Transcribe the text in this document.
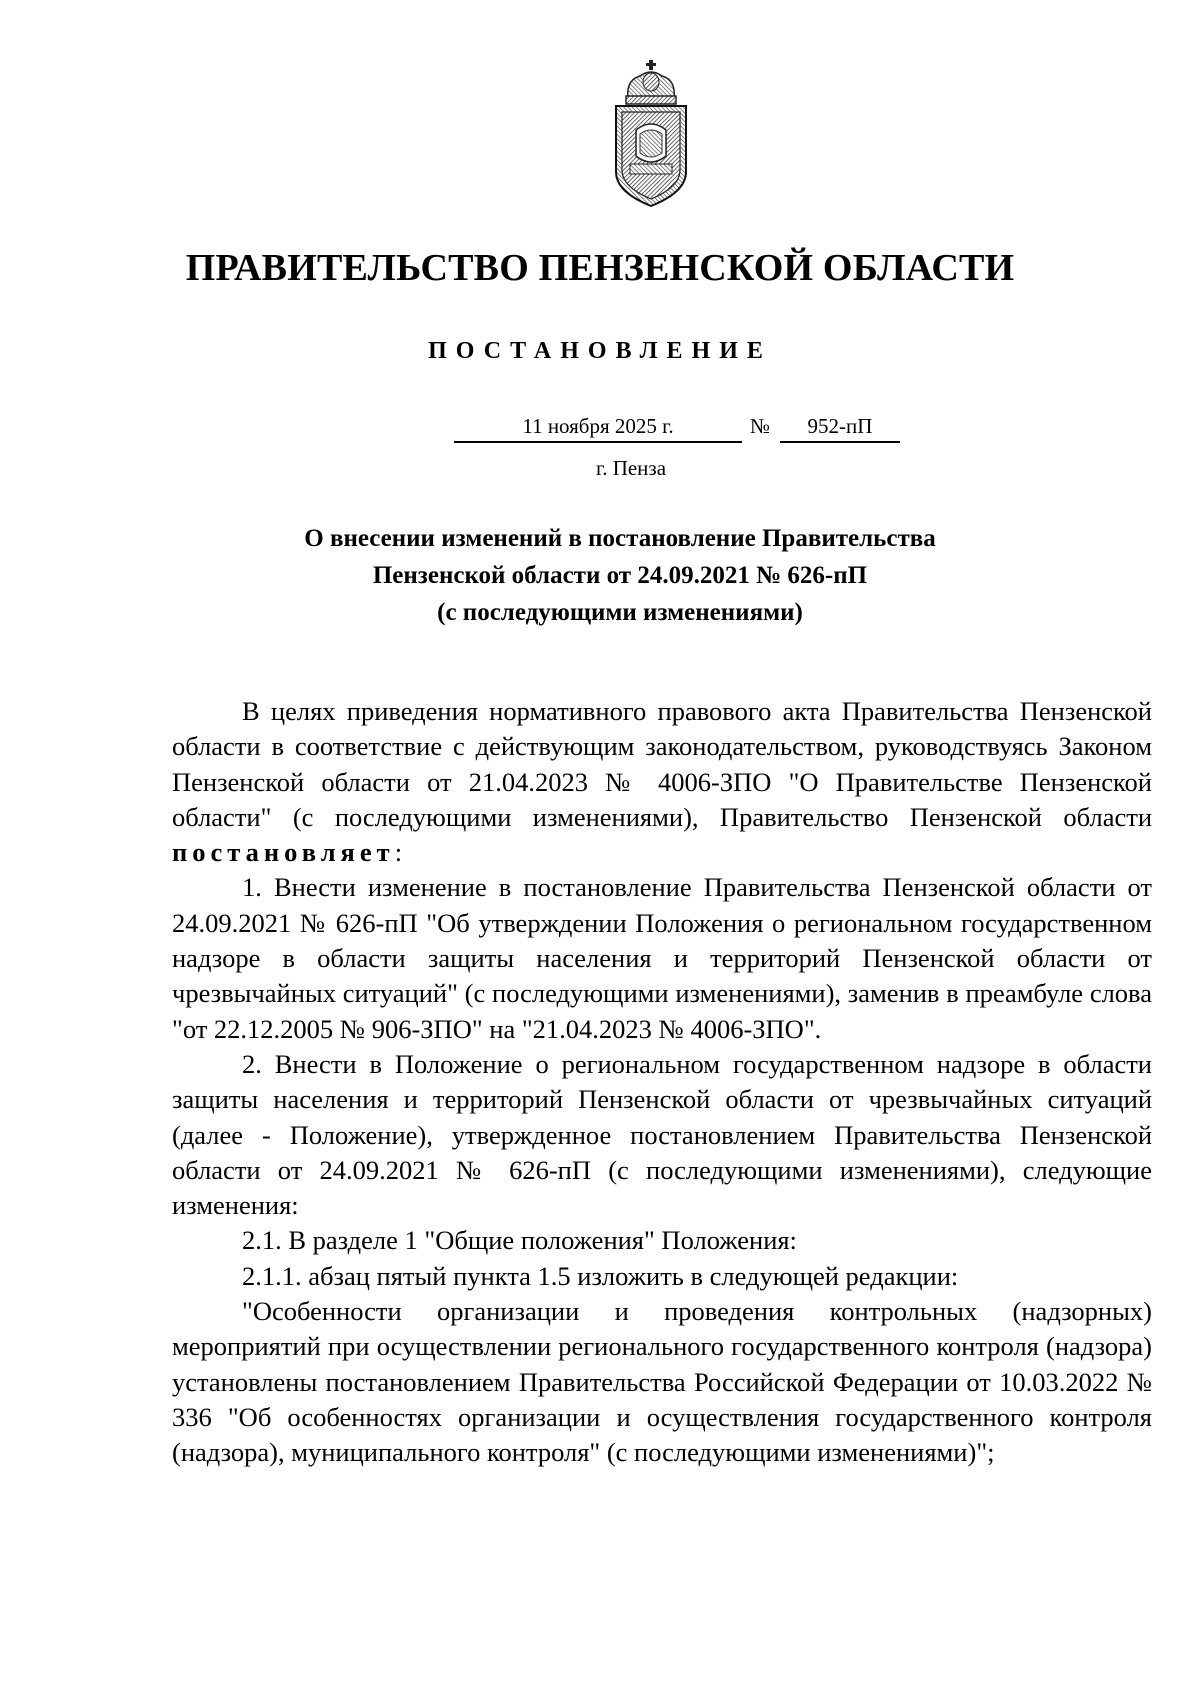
ПРАВИТЕЛЬСТВО ПЕНЗЕНСКОЙ ОБЛАСТИ
ПОСТАНОВЛЕНИЕ
11 ноября 2025 г.	№	952-пП
г. Пенза
О внесении изменений в постановление Правительства
Пензенской области от 24.09.2021 № 626-пП
(с последующими изменениями)

В целях приведения нормативного правового акта Правительства Пензенской области в соответствие с действующим законодательством, руководствуясь Законом Пензенской области от 21.04.2023 № 4006-ЗПО "О Правительстве Пензенской области" (с последующими изменениями), Правительство Пензенской области постановляет:

1. Внести изменение в постановление Правительства Пензенской области от 24.09.2021 № 626-пП "Об утверждении Положения о региональном государственном надзоре в области защиты населения и территорий Пензенской области от чрезвычайных ситуаций" (с последующими изменениями), заменив в преамбуле слова "от 22.12.2005 № 906-ЗПО" на "21.04.2023 № 4006-ЗПО".

2. Внести в Положение о региональном государственном надзоре в области защиты населения и территорий Пензенской области от чрезвычайных ситуаций (далее - Положение), утвержденное постановлением Правительства Пензенской области от 24.09.2021 № 626-пП (с последующими изменениями), следующие изменения:

2.1. В разделе 1 "Общие положения" Положения:

2.1.1. абзац пятый пункта 1.5 изложить в следующей редакции:

"Особенности организации и проведения контрольных (надзорных) мероприятий при осуществлении регионального государственного контроля (надзора) установлены постановлением Правительства Российской Федерации от 10.03.2022 № 336 "Об особенностях организации и осуществления государственного контроля (надзора), муниципального контроля" (с последующими изменениями)";
